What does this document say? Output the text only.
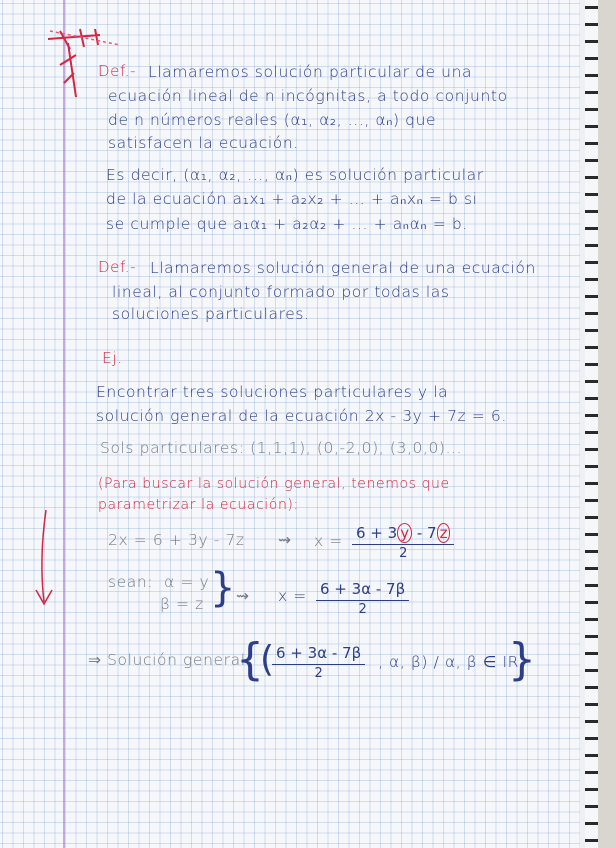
Def.- Llamaremos solución particular de una

ecuación lineal de n incógnitas, a todo conjunto

de n números reales (α₁, α₂, ..., αₙ) que

satisfacen la ecuación.

Es decir, (α₁, α₂, ..., αₙ) es solución particular

de la ecuación a₁x₁ + a₂x₂ + ... + aₙxₙ = b si

se cumple que a₁α₁ + a₂α₂ + ... + aₙαₙ = b.

Def.- Llamaremos solución general de una ecuación

lineal, al conjunto formado por todas las

soluciones particulares.

Ej.

Encontrar tres soluciones particulares y la

solución general de la ecuación 2x - 3y + 7z = 6.

Sols particulares: (1,1,1), (0,-2,0), (3,0,0)...

(Para buscar la solución general, tenemos que

parametrizar la ecuación):

2x = 6 + 3y - 7z ⇝ $x = \frac{6 + 3 y - 7 z}{2}$

sean: α = y

β = z } ⇝ $x = \frac{6 + 3\alpha - 7\beta}{2}$

⇒ Solución general:

{
(
$\frac{6 + 3\alpha - 7\beta}{2}$ , α, β) / α, β ∈ IR

}
